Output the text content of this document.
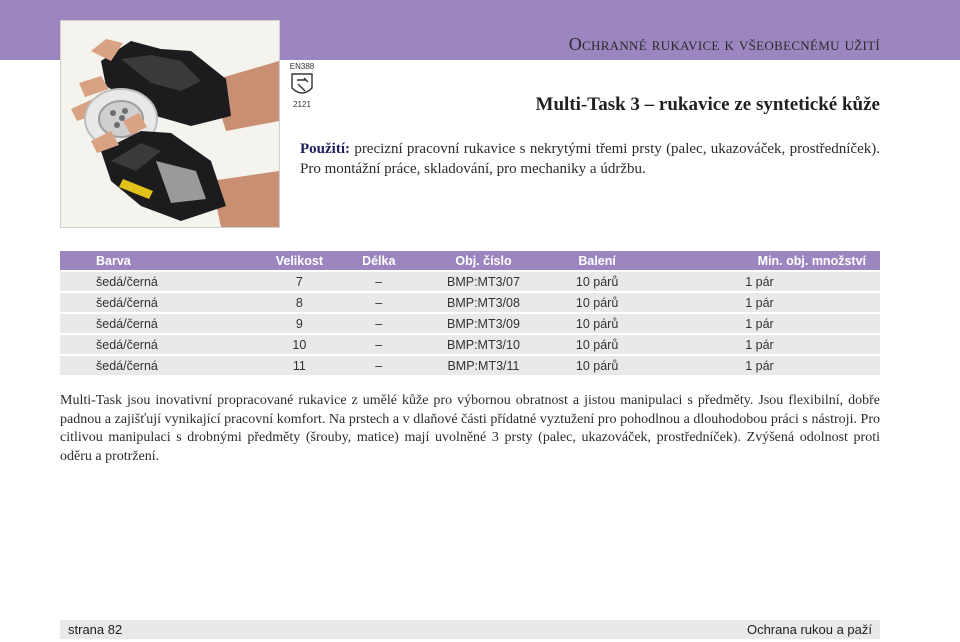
Ochranné rukavice k všeobecnému užití
EN388
2121	Multi-Task 3 – rukavice ze syntetické kůže
Použití: precizní pracovní rukavice s nekrytými třemi prsty (palec, ukazováček, prostředníček). Pro montážní práce, skladování, pro mechaniky a údržbu.
Barva	Velikost	Délka	Obj. číslo	Balení	Min. obj. množství
šedá/černá	7	–	BMP:MT3/07	10 párů	1 pár
šedá/černá	8	–	BMP:MT3/08	10 párů	1 pár
šedá/černá	9	–	BMP:MT3/09	10 párů	1 pár
šedá/černá	10	–	BMP:MT3/10	10 párů	1 pár
šedá/černá	11	–	BMP:MT3/11	10 párů	1 pár
Multi-Task jsou inovativní propracované rukavice z umělé kůže pro výbornou obratnost a jistou manipulaci s předměty. Jsou flexibilní, dobře padnou a zajišťují vynikající pracovní komfort. Na prstech a v dlaňové části přídatné vyztužení pro pohodlnou a dlouhodobou práci s nástroji. Pro citlivou manipulaci s drobnými předměty (šrouby, matice) mají uvolněné 3 prsty (palec, ukazováček, prostředníček). Zvýšená odolnost proti oděru a protržení.
strana 82	Ochrana rukou a paží
